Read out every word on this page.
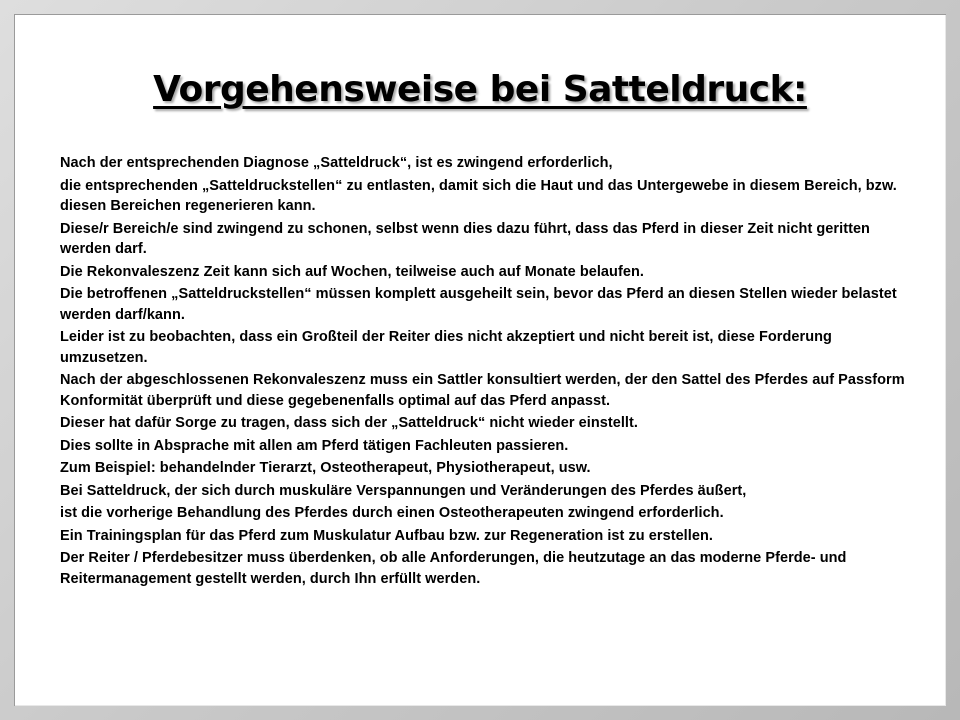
Vorgehensweise bei Satteldruck:

Nach der entsprechenden Diagnose „Satteldruck“, ist es zwingend erforderlich,

die entsprechenden „Satteldruckstellen“ zu entlasten, damit sich die Haut und das Untergewebe in diesem Bereich, bzw. diesen Bereichen regenerieren kann.

Diese/r Bereich/e sind zwingend zu schonen, selbst wenn dies dazu führt, dass das Pferd in dieser Zeit nicht geritten werden darf.

Die Rekonvaleszenz Zeit kann sich auf Wochen, teilweise auch auf Monate belaufen.

Die betroffenen „Satteldruckstellen“ müssen komplett ausgeheilt sein, bevor das Pferd an diesen Stellen wieder belastet werden darf/kann.

Leider ist zu beobachten, dass ein Großteil der Reiter dies nicht akzeptiert und nicht bereit ist, diese Forderung umzusetzen.

Nach der abgeschlossenen Rekonvaleszenz muss ein Sattler konsultiert werden, der den Sattel des Pferdes auf Passform Konformität überprüft und diese gegebenenfalls optimal auf das Pferd anpasst.

Dieser hat dafür Sorge zu tragen, dass sich der „Satteldruck“ nicht wieder einstellt.

Dies sollte in Absprache mit allen am Pferd tätigen Fachleuten passieren.

Zum Beispiel: behandelnder Tierarzt, Osteotherapeut, Physiotherapeut, usw.

Bei Satteldruck, der sich durch muskuläre Verspannungen und Veränderungen des Pferdes äußert,

ist die vorherige Behandlung des Pferdes durch einen Osteotherapeuten zwingend erforderlich.

Ein Trainingsplan für das Pferd zum Muskulatur Aufbau bzw. zur Regeneration ist zu erstellen.

Der Reiter / Pferdebesitzer muss überdenken, ob alle Anforderungen, die heutzutage an das moderne Pferde- und Reitermanagement gestellt werden, durch Ihn erfüllt werden.
